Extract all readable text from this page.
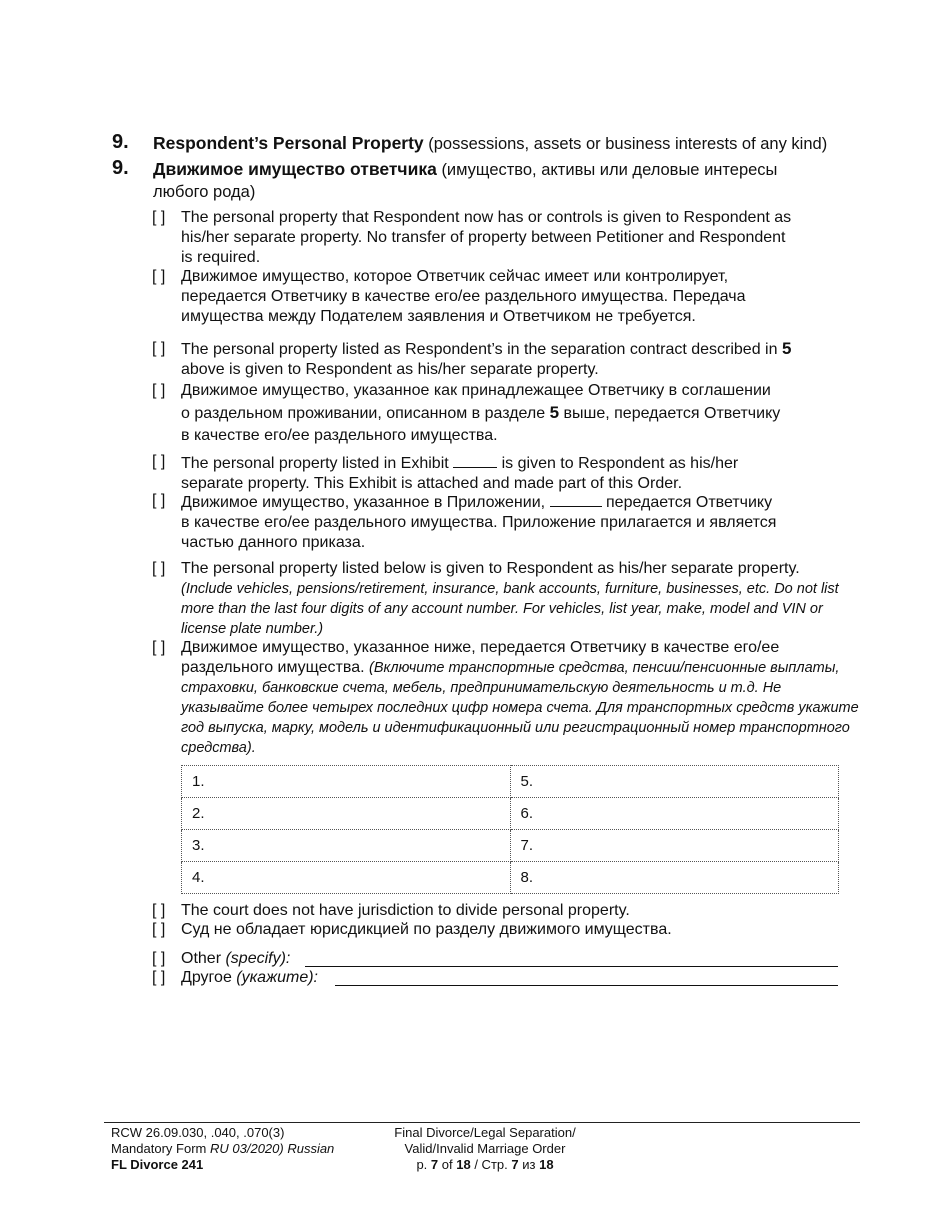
9. Respondent’s Personal Property (possessions, assets or business interests of any kind)
9. Движимое имущество ответчика (имущество, активы или деловые интересы
любого рода)
[ ] The personal property that Respondent now has or controls is given to Respondent as
his/her separate property. No transfer of property between Petitioner and Respondent
is required.
[ ] Движимое имущество, которое Ответчик сейчас имеет или контролирует,
передается Ответчику в качестве его/ее раздельного имущества. Передача
имущества между Подателем заявления и Ответчиком не требуется.
[ ] The personal property listed as Respondent’s in the separation contract described in 5
above is given to Respondent as his/her separate property.
[ ] Движимое имущество, указанное как принадлежащее Ответчику в соглашении
о раздельном проживании, описанном в разделе 5 выше, передается Ответчику
в качестве его/ее раздельного имущества.
[ ] The personal property listed in Exhibit	is given to Respondent as his/her
separate property. This Exhibit is attached and made part of this Order.
[ ] Движимое имущество, указанное в Приложении,	передается Ответчику
в качестве его/ее раздельного имущества. Приложение прилагается и является
частью данного приказа.
[ ] The personal property listed below is given to Respondent as his/her separate property.
(Include vehicles, pensions/retirement, insurance, bank accounts, furniture, businesses, etc. Do not list
more than the last four digits of any account number. For vehicles, list year, make, model and VIN or
license plate number.)
[ ] Движимое имущество, указанное ниже, передается Ответчику в качестве его/ее
раздельного имущества. (Включите транспортные средства, пенсии/пенсионные выплаты,
страховки, банковские счета, мебель, предпринимательскую деятельность и т.д. Не
указывайте более четырех последних цифр номера счета. Для транспортных средств укажите
год выпуска, марку, модель и идентификационный или регистрационный номер транспортного
средства).
1.	5.
2.	6.
3.	7.
4.	8.
[ ] The court does not have jurisdiction to divide personal property.
[ ] Суд не обладает юрисдикцией по разделу движимого имущества.
[ ] Other (specify):
[ ] Другое (укажите):
RCW 26.09.030, .040, .070(3)
Mandatory Form RU 03/2020) Russian
FL Divorce 241
Final Divorce/Legal Separation/
Valid/Invalid Marriage Order
p. 7 of 18 / Стр. 7 из 18
